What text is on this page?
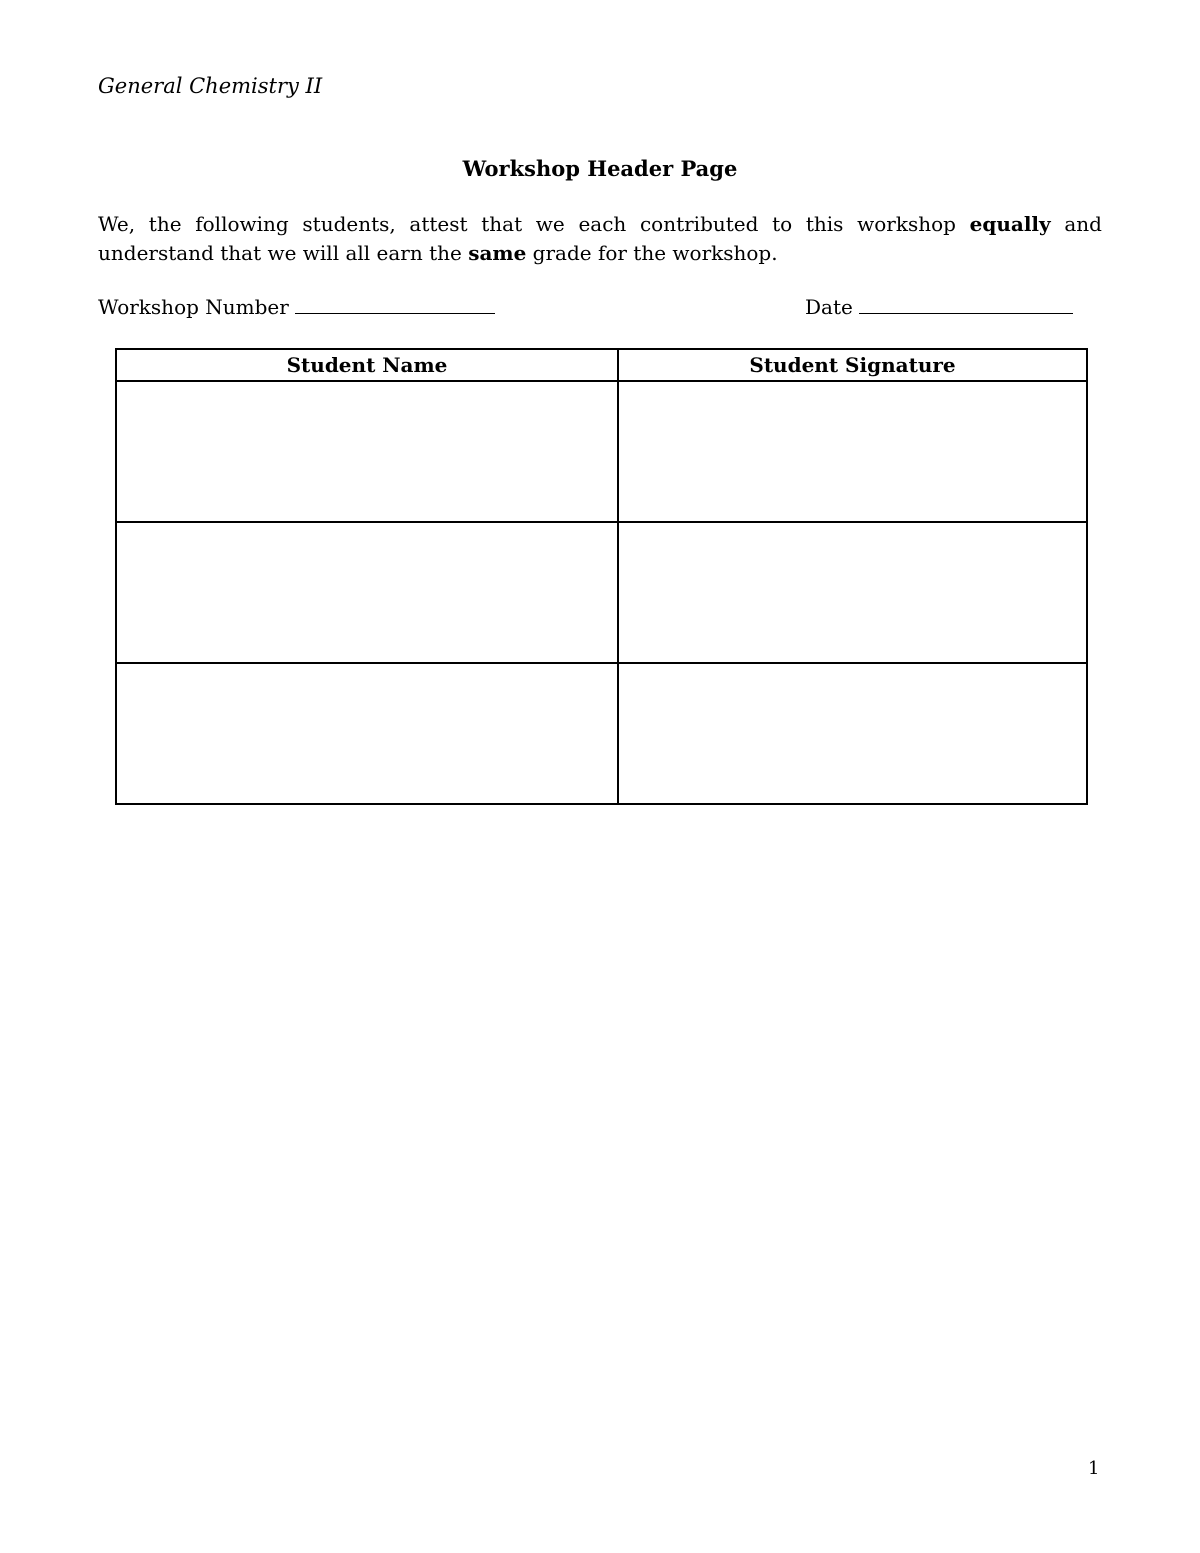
General Chemistry II
Workshop Header Page
We, the following students, attest that we each contributed to this workshop equally and
understand that we will all earn the same grade for the workshop.
Workshop Number	Date
Student Name	Student Signature

1
